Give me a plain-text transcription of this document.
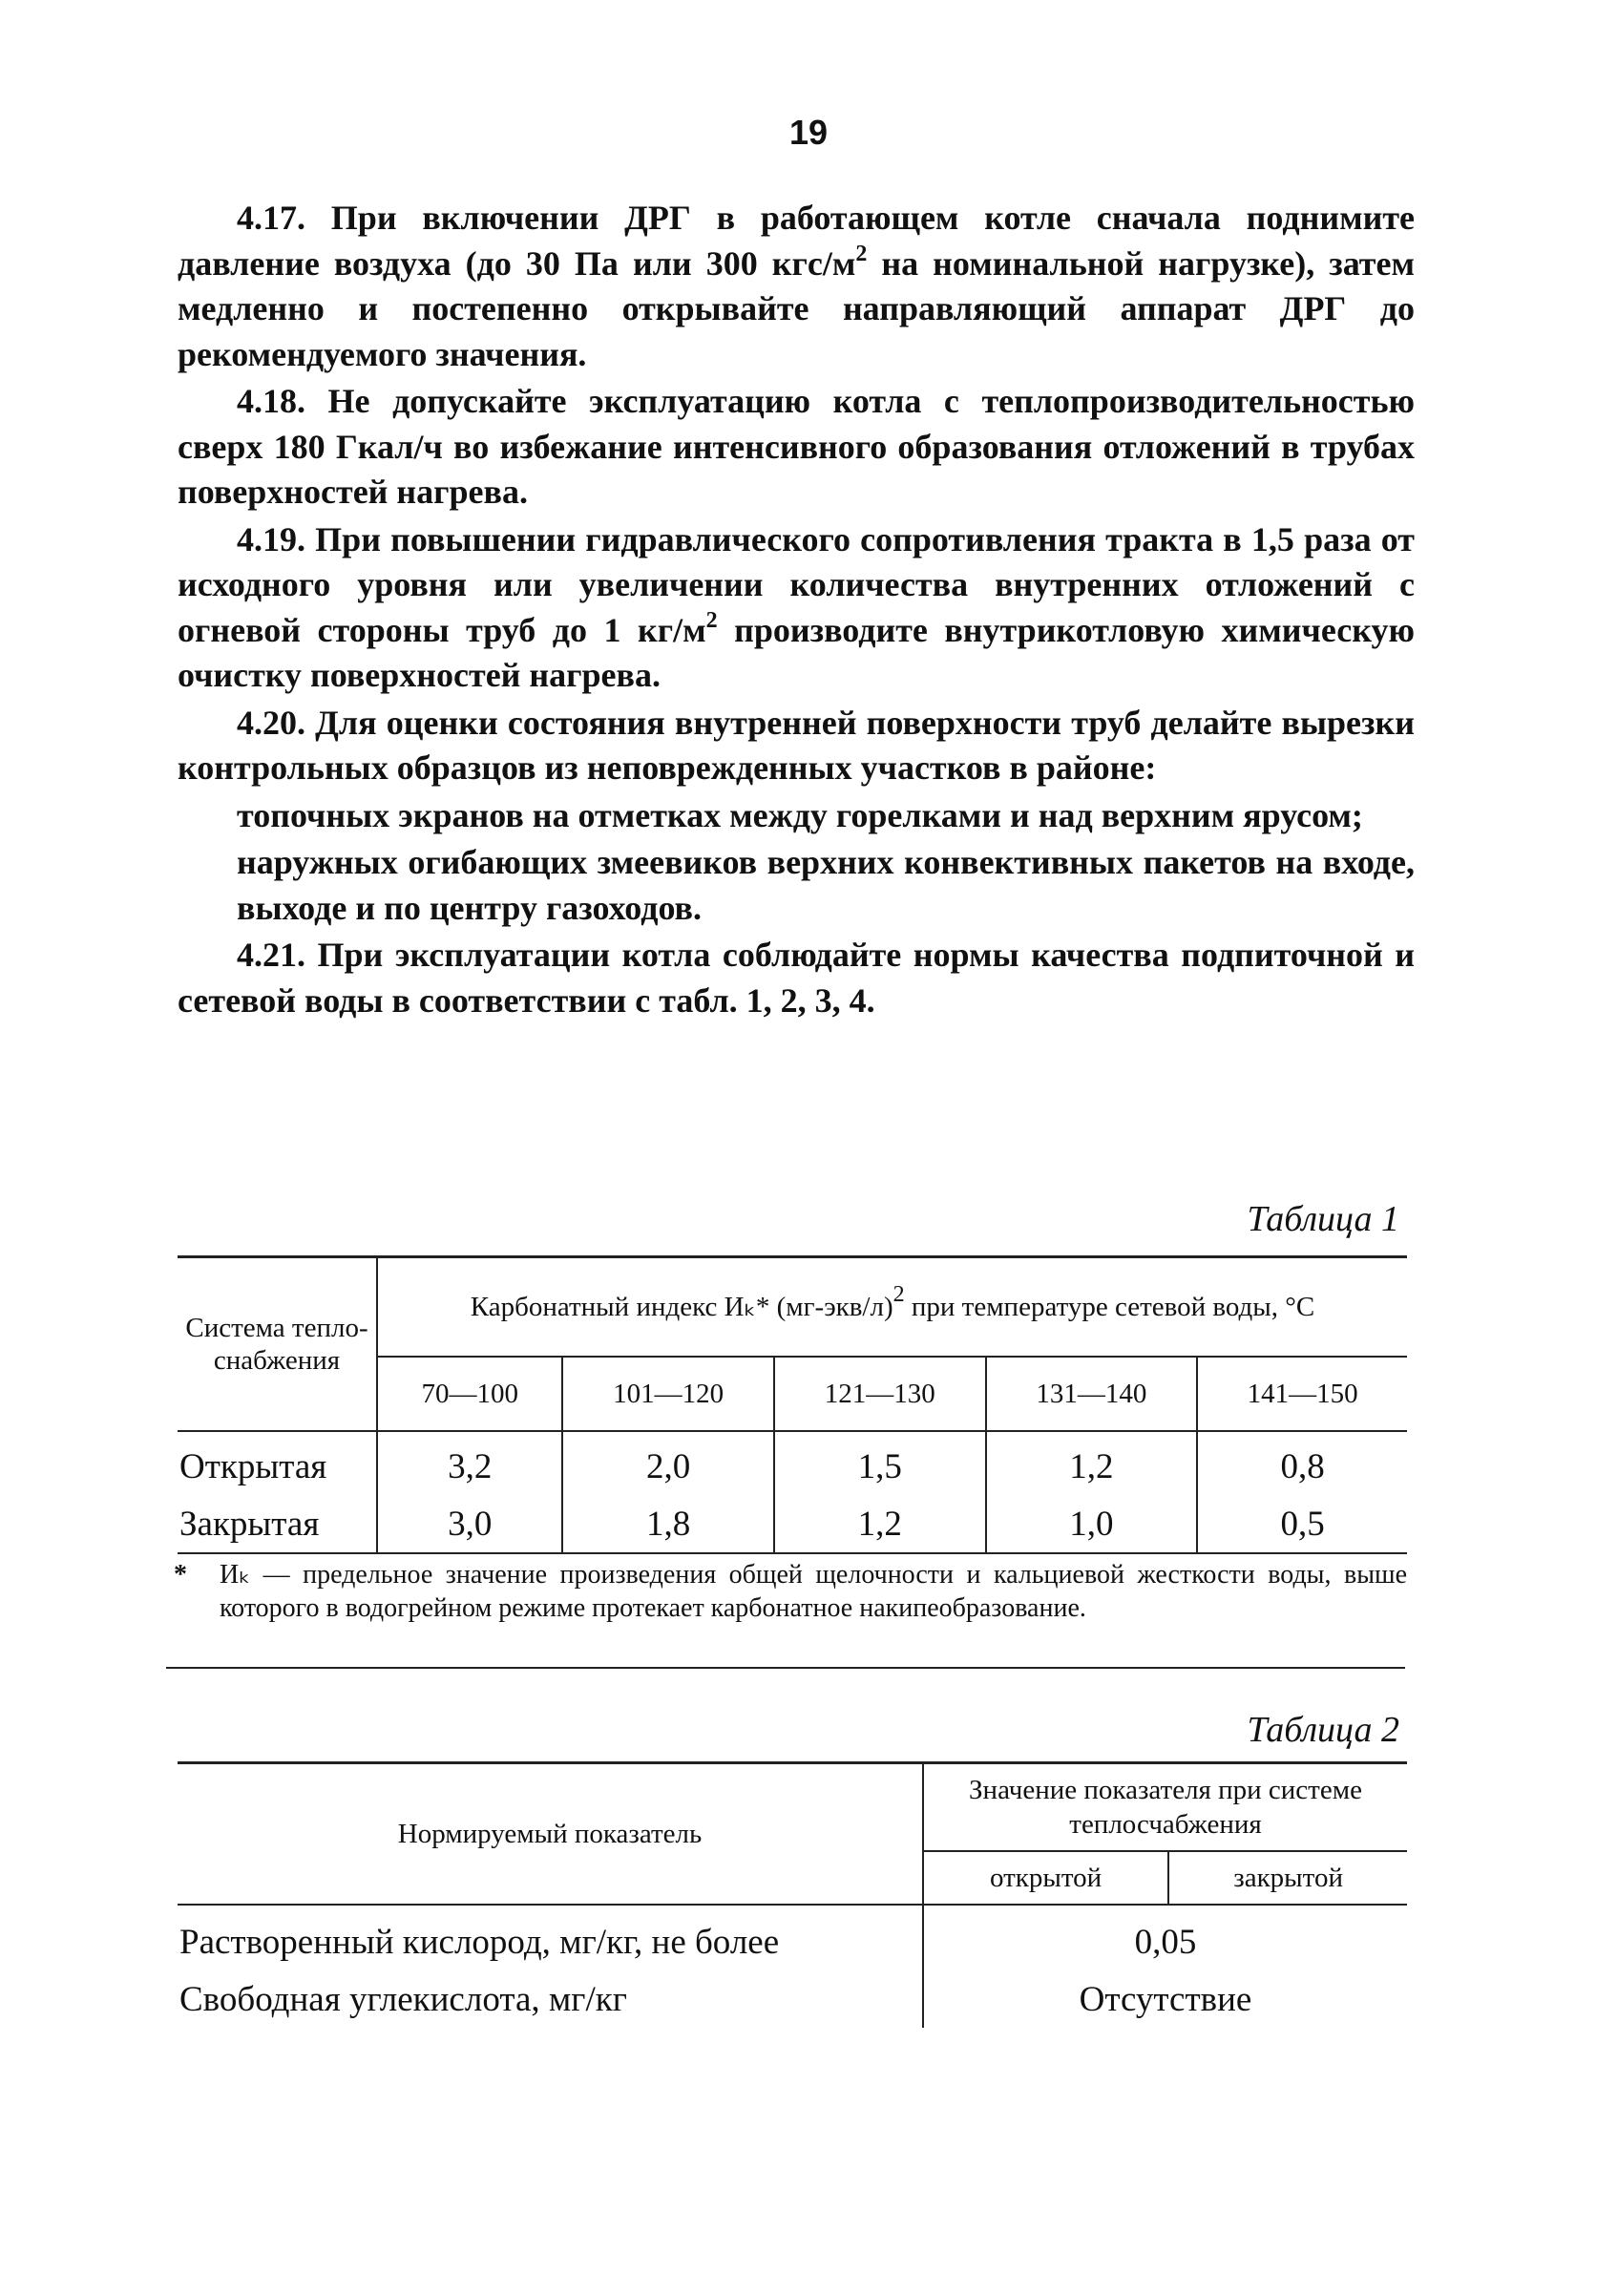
19

4.17. При включении ДРГ в работающем котле сначала поднимите давление воздуха (до 30 Па или 300 кгс/$м^2$ на номинальной нагрузке), затем медленно и постепенно открывайте направляющий аппарат ДРГ до рекомендуемого значения.

4.18. Не допускайте эксплуатацию котла с теплопроизводительностью сверх 180 Гкал/ч во избежание интенсивного образования отложений в трубах поверхностей нагрева.

4.19. При повышении гидравлического сопротивления тракта в 1,5 раза от исходного уровня или увеличении количества внутренних отложений с огневой стороны труб до 1 $кг/м^2$ производите внутрикотловую химическую очистку поверхностей нагрева.

4.20. Для оценки состояния внутренней поверхности труб делайте вырезки контрольных образцов из неповрежденных участков в районе:

топочных экранов на отметках между горелками и над верхним ярусом;

наружных огибающих змеевиков верхних конвективных пакетов на входе, выходе и по центру газоходов.

4.21. При эксплуатации котла соблюдайте нормы качества подпиточной и сетевой воды в соответствии с табл. 1, 2, 3, 4.

Таблица 1
Система тепло-снабжения	Карбонатный индекс Иₖ* $(мг-экв/л)^2$ при температуре сетевой воды, °С				
	70—100	101—120	121—130	131—140	141—150
Открытая	3,2	2,0	1,5	1,2	0,8
Закрытая	3,0	1,8	1,2	1,0	0,5
*	Иₖ — предельное значение произведения общей щелочности и кальциевой жесткости воды, выше которого в водогрейном режиме протекает карбонатное накипеобразование.
Таблица 2
Нормируемый показатель	Значение показателя при системе теплосчабжения	
	открытой	закрытой
Растворенный кислород, мг/кг, не более	0,05	
Свободная углекислота, мг/кг	Отсутствие	
